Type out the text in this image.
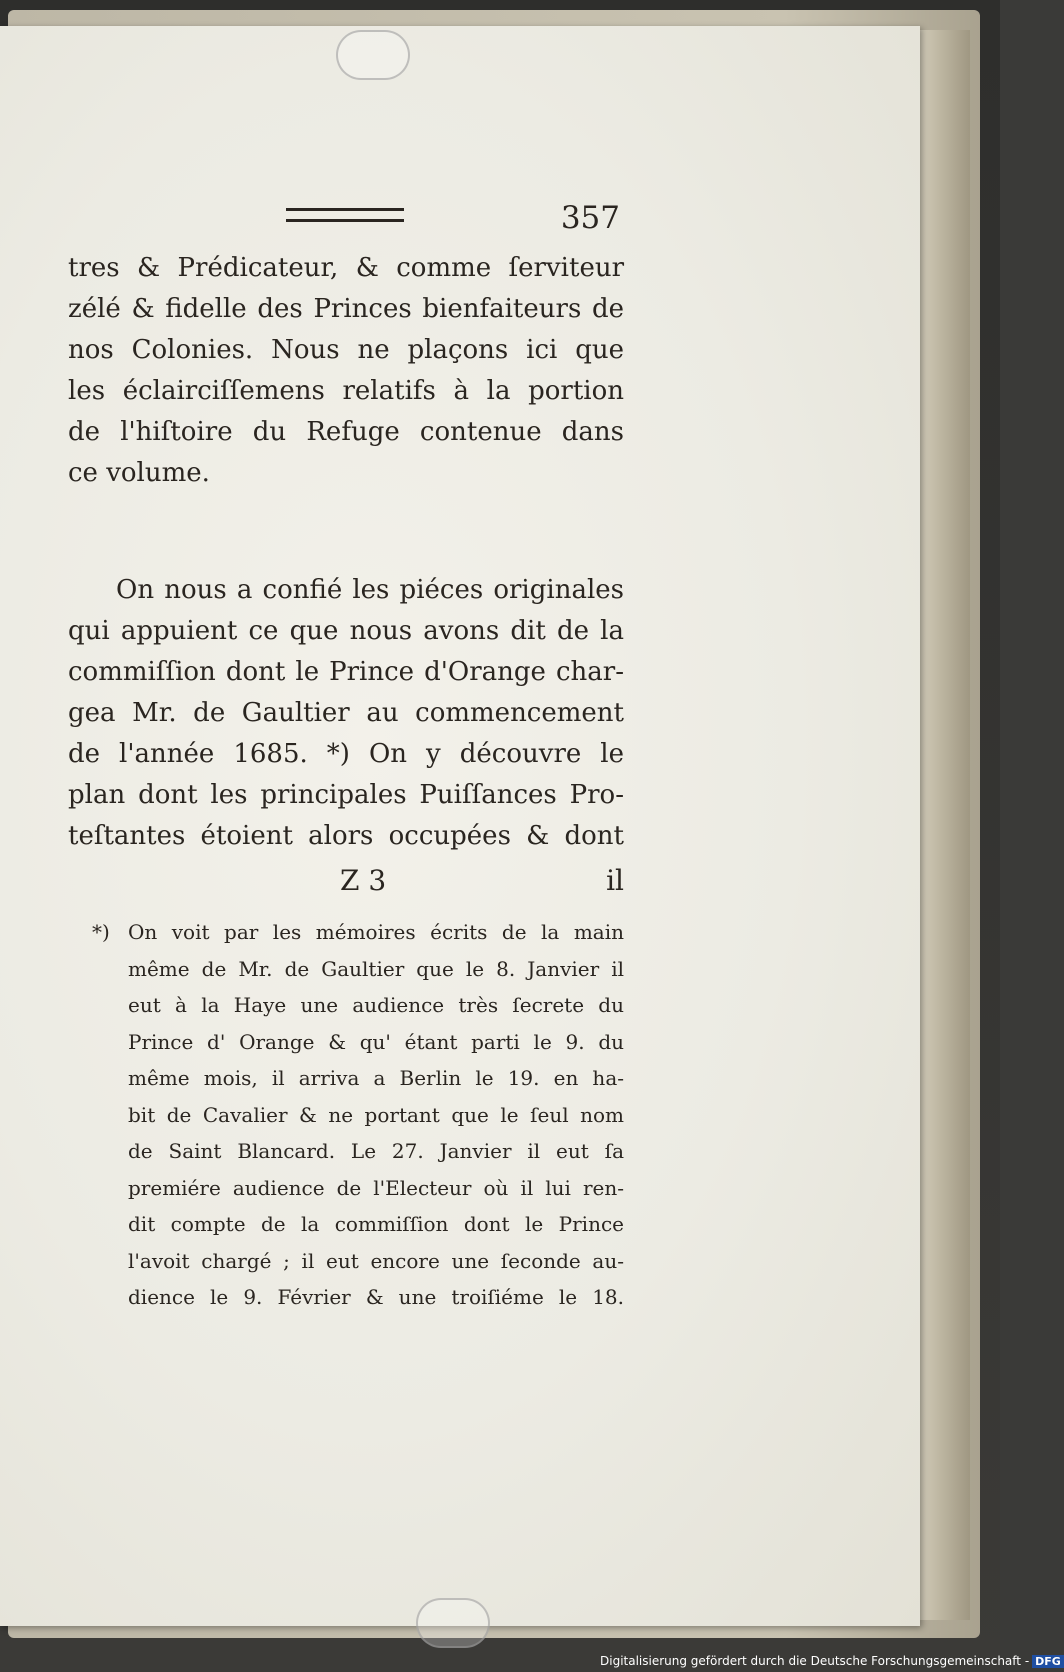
357
tres & Prédicateur, & comme ſerviteur
zélé & fidelle des Princes bienfaiteurs de
nos Colonies. Nous ne plaçons ici que
les éclairciſſemens relatifs à la portion
de l'hiſtoire du Refuge contenue dans
ce volume.
On nous a confié les piéces originales
qui appuient ce que nous avons dit de la
commiſſion dont le Prince d'Orange char-
gea Mr. de Gaultier au commencement
de l'année 1685. *) On y découvre le
plan dont les principales Puiſſances Pro-
teſtantes étoient alors occupées & dont
Z 3	il
*) On voit par les mémoires écrits de la main
même de Mr. de Gaultier que le 8. Janvier il
eut à la Haye une audience très ſecrete du
Prince d' Orange & qu' étant parti le 9. du
même mois, il arriva a Berlin le 19. en ha-
bit de Cavalier & ne portant que le ſeul nom
de Saint Blancard. Le 27. Janvier il eut ſa
premiére audience de l'Electeur où il lui ren-
dit compte de la commiſſion dont le Prince
l'avoit chargé ; il eut encore une ſeconde au-
dience le 9. Février & une troiſiéme le 18.
Digitalisierung gefördert durch die Deutsche Forschungsgemeinschaft - DFG
